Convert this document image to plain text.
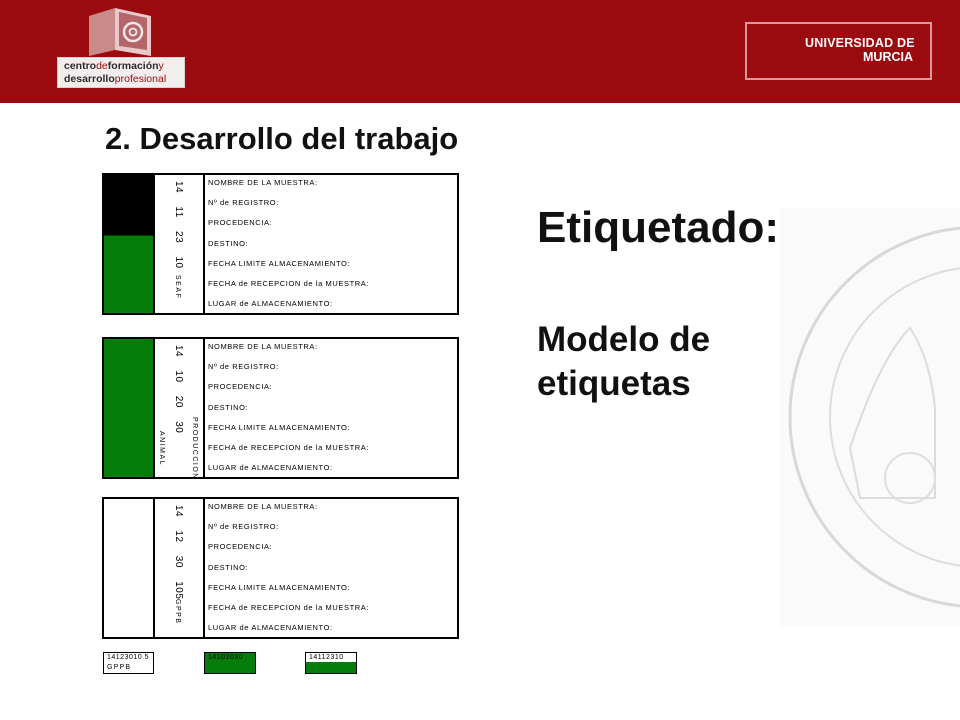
centrodeformacióny
desarrolloprofesional
UNIVERSIDAD DE
MURCIA
2. Desarrollo del trabajo
Etiquetado:
Modelo de
etiquetas
14 11 23 10
SEAF
NOMBRE DE LA MUESTRA:
Nº de REGISTRO:
PROCEDENCIA:
DESTINO:
FECHA LIMITE ALMACENAMIENTO:
FECHA de RECEPCION de la MUESTRA:
LUGAR de ALMACENAMIENTO:
14 10 20 30
PRODUCCION
ANIMAL
NOMBRE DE LA MUESTRA:
Nº de REGISTRO:
PROCEDENCIA:
DESTINO:
FECHA LIMITE ALMACENAMIENTO:
FECHA de RECEPCION de la MUESTRA:
LUGAR de ALMACENAMIENTO:
14 12 30 105
GPPB
NOMBRE DE LA MUESTRA:
Nº de REGISTRO:
PROCEDENCIA:
DESTINO:
FECHA LIMITE ALMACENAMIENTO:
FECHA de RECEPCION de la MUESTRA:
LUGAR de ALMACENAMIENTO:
14123010 5
GPPB
14102030	14112310
